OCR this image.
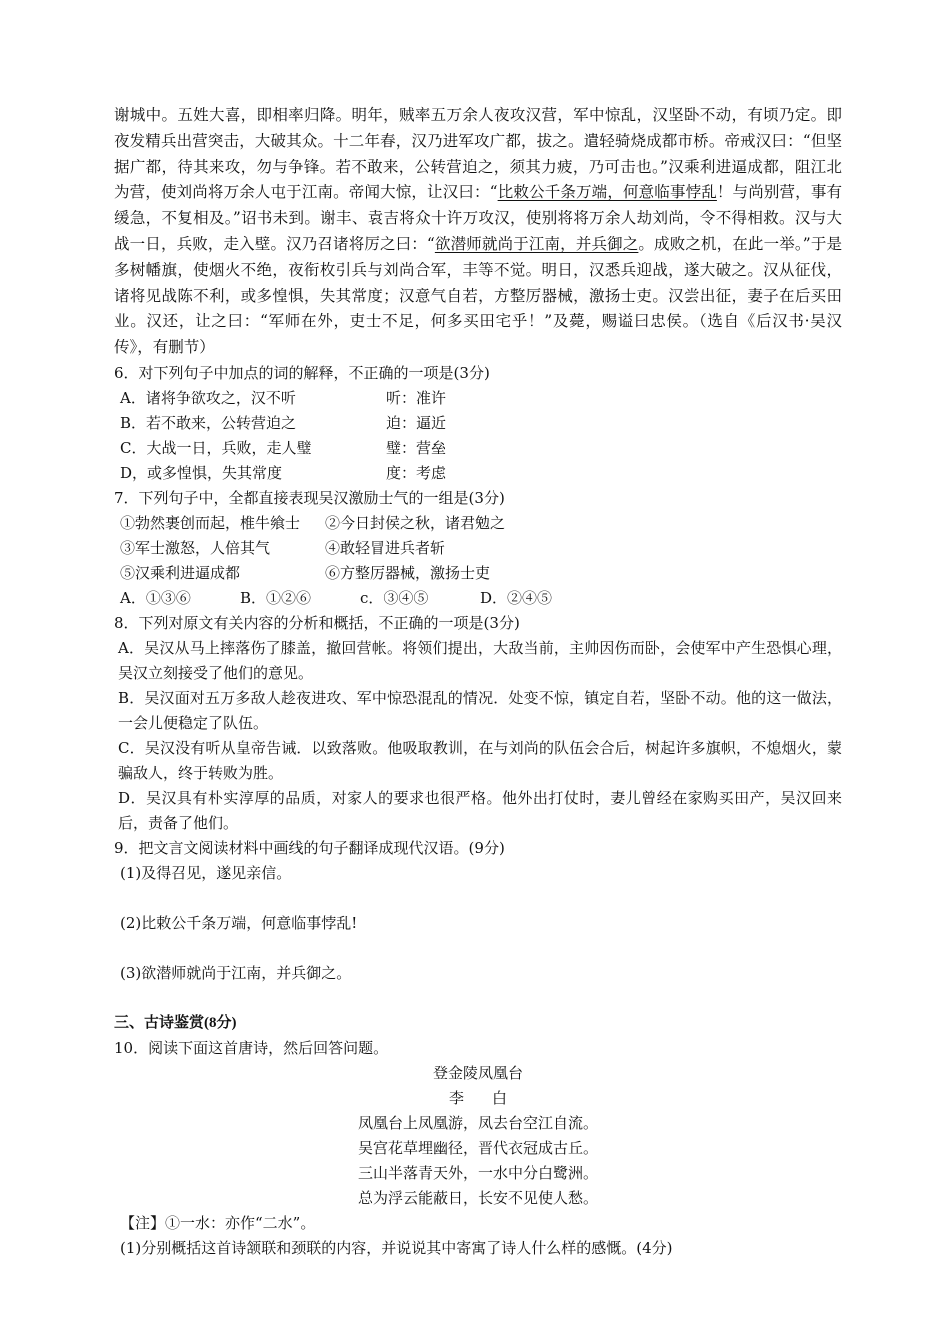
谢城中。五姓大喜，即相率归降。明年，贼率五万余人夜攻汉营，军中惊乱，汉坚卧不动，有顷乃定。即夜发精兵出营突击，大破其众。十二年春，汉乃进军攻广都，拔之。遣轻骑烧成都市桥。帝戒汉曰：“但坚据广都，待其来攻，勿与争锋。若不敢来，公转营迫之，须其力疲，乃可击也。”汉乘利进逼成都，阻江北为营，使刘尚将万余人屯于江南。帝闻大惊，让汉曰：“比敕公千条万端，何意临事悖乱！与尚别营，事有缓急，不复相及。”诏书未到。谢丰、袁吉将众十许万攻汉，使别将将万余人劫刘尚，令不得相救。汉与大战一日，兵败，走入壁。汉乃召诸将厉之曰：“欲潜师就尚于江南，并兵御之。成败之机，在此一举。”于是多树幡旗，使烟火不绝，夜衔枚引兵与刘尚合军，丰等不觉。明日，汉悉兵迎战，遂大破之。汉从征伐，诸将见战陈不利，或多惶惧，失其常度；汉意气自若，方整厉器械，激扬士吏。汉尝出征，妻子在后买田业。汉还，让之曰：“军师在外，吏士不足，何多买田宅乎！”及薨，赐谥曰忠侯。（选自《后汉书·吴汉传》，有删节）

6．对下列句子中加点的词的解释，不正确的一项是(3分)

A．诸将争欲攻之，汉不听	听：准许

B．若不敢来，公转营迫之	迫：逼近

C．大战一日，兵败，走人璧	璧：营垒

D，或多惶惧，失其常度	度：考虑

7．下列句子中，全都直接表现吴汉激励士气的一组是(3分)

①勃然裹创而起，椎牛飨士 ②今日封侯之秋，诸君勉之

③军士激怒，人倍其气	④敢轻冒进兵者斩

⑤汉乘利进逼成都	⑥方整厉器械，激扬士吏

A．①③⑥	B．①②⑥	c．③④⑤	D．②④⑤

8．下列对原文有关内容的分析和概括，不正确的一项是(3分)

A．吴汉从马上摔落伤了膝盖，撤回营帐。将领们提出，大敌当前，主帅因伤而卧，会使军中产生恐惧心理，吴汉立刻接受了他们的意见。

B．吴汉面对五万多敌人趁夜进攻、军中惊恐混乱的情况．处变不惊，镇定自若，坚卧不动。他的这一做法，一会儿便稳定了队伍。

C．吴汉没有听从皇帝告诫．以致落败。他吸取教训，在与刘尚的队伍会合后，树起许多旗帜，不熄烟火，蒙骗敌人，终于转败为胜。

D．吴汉具有朴实淳厚的品质，对家人的要求也很严格。他外出打仗时，妻儿曾经在家购买田产，吴汉回来后，责备了他们。

9．把文言文阅读材料中画线的句子翻译成现代汉语。(9分)

(1)及得召见，遂见亲信。

(2)比敕公千条万端，何意临事悖乱!

(3)欲潜师就尚于江南，并兵御之。

三、古诗鉴赏(8分)

10．阅读下面这首唐诗，然后回答问题。

登金陵凤凰台

李 白

凤凰台上凤凰游，凤去台空江自流。

吴宫花草埋幽径，晋代衣冠成古丘。

三山半落青天外，一水中分白鹭洲。

总为浮云能蔽日，长安不见使人愁。

【注】①一水：亦作“二水”。

(1)分别概括这首诗颔联和颈联的内容，并说说其中寄寓了诗人什么样的感慨。(4分)
